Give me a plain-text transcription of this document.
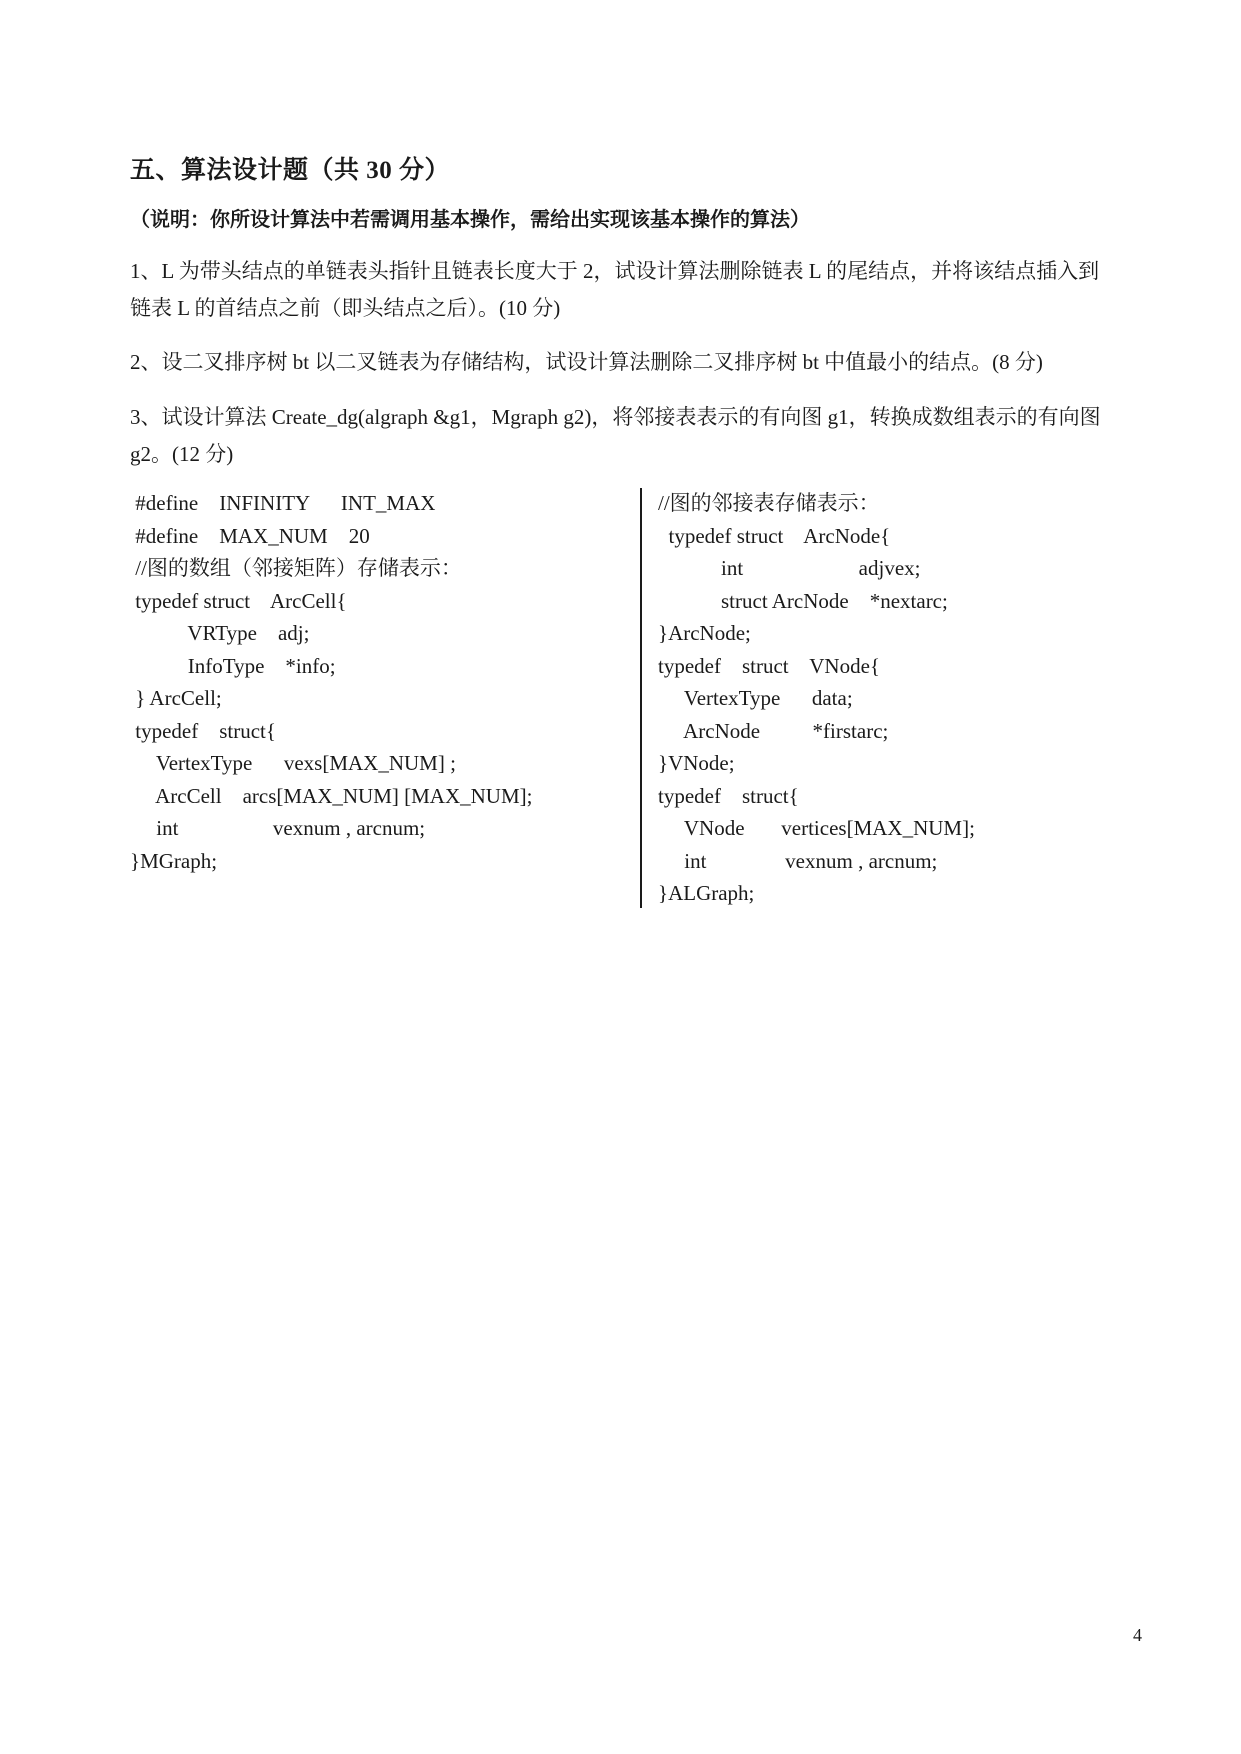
五、算法设计题（共 30 分）
（说明：你所设计算法中若需调用基本操作，需给出实现该基本操作的算法）
1、L 为带头结点的单链表头指针且链表长度大于 2，试设计算法删除链表 L 的尾结点，并将该结点插入到
链表 L 的首结点之前（即头结点之后）。(10 分)
2、设二叉排序树 bt 以二叉链表为存储结构，试设计算法删除二叉排序树 bt 中值最小的结点。(8 分)
3、试设计算法 Create_dg(algraph &g1，Mgraph g2)，将邻接表表示的有向图 g1，转换成数组表示的有向图
g2。(12 分)
#define    INFINITY      INT_MAX
#define    MAX_NUM    20
//图的数组（邻接矩阵）存储表示：
typedef struct    ArcCell{
VRType    adj;
InfoType    *info;
} ArcCell;
typedef    struct{
VertexType      vexs[MAX_NUM] ;
ArcCell    arcs[MAX_NUM] [MAX_NUM];
int                  vexnum , arcnum;
}MGraph;
//图的邻接表存储表示：
typedef struct    ArcNode{
int                      adjvex;
struct ArcNode    *nextarc;
}ArcNode;
typedef    struct    VNode{
VertexType      data;
ArcNode          *firstarc;
}VNode;
typedef    struct{
VNode       vertices[MAX_NUM];
int               vexnum , arcnum;
}ALGraph;
4
